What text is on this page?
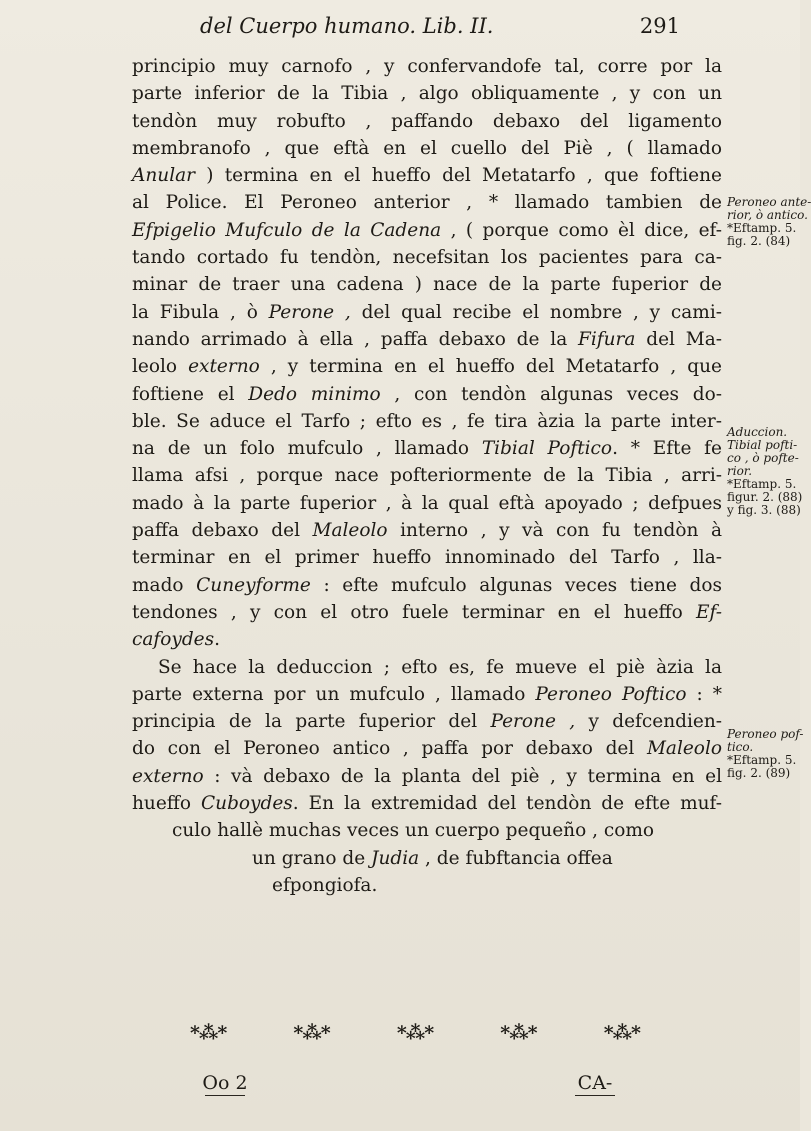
del Cuerpo humano. Lib. II.	291
principio muy carnofo , y confervandofe tal, corre por la
parte inferior de la Tibia , algo obliquamente , y con un
tendòn muy robufto , paffando debaxo del ligamento
membranofo , que eftà en el cuello del Piè , ( llamado
Anular ) termina en el hueffo del Metatarfo , que foftiene
al Police. El Peroneo anterior , * llamado tambien de
Efpigelio Mufculo de la Cadena , ( porque como èl dice, ef-
tando cortado fu tendòn, necefsitan los pacientes para ca-
minar de traer una cadena ) nace de la parte fuperior de
la Fibula , ò Perone , del qual recibe el nombre , y cami-
nando arrimado à ella , paffa debaxo de la Fifura del Ma-
leolo externo , y termina en el hueffo del Metatarfo , que
foftiene el Dedo minimo , con tendòn algunas veces do-
ble. Se aduce el Tarfo ; efto es , fe tira àzia la parte inter-
na de un folo mufculo , llamado Tibial Poftico. * Efte fe
llama afsi , porque nace pofteriormente de la Tibia , arri-
mado à la parte fuperior , à la qual eftà apoyado ; defpues
paffa debaxo del Maleolo interno , y và con fu tendòn à
terminar en el primer hueffo innominado del Tarfo , lla-
mado Cuneyforme : efte mufculo algunas veces tiene dos
tendones , y con el otro fuele terminar en el hueffo Ef-
cafoydes.
Se hace la deduccion ; efto es, fe mueve el piè àzia la
parte externa por un mufculo , llamado Peroneo Poftico : *
principia de la parte fuperior del Perone , y defcendien-
do con el Peroneo antico , paffa por debaxo del Maleolo
externo : và debaxo de la planta del piè , y termina en el
hueffo Cuboydes. En la extremidad del tendòn de efte muf-
culo hallè muchas veces un cuerpo pequeño , como
un grano de Judia , de fubftancia offea
efpongiofa.
Peroneo ante-
rior, ò antico.
*Eftamp. 5.
fig. 2. (84)
Aduccion.
Tibial pofti-
co , ò pofte-
rior.
*Eftamp. 5.
figur. 2. (88)
y fig. 3. (88)
Peroneo pof-
tico.
*Eftamp. 5.
fig. 2. (89)
*⁂*	*⁂*	*⁂*	*⁂*	*⁂*
Oo 2	CA-
